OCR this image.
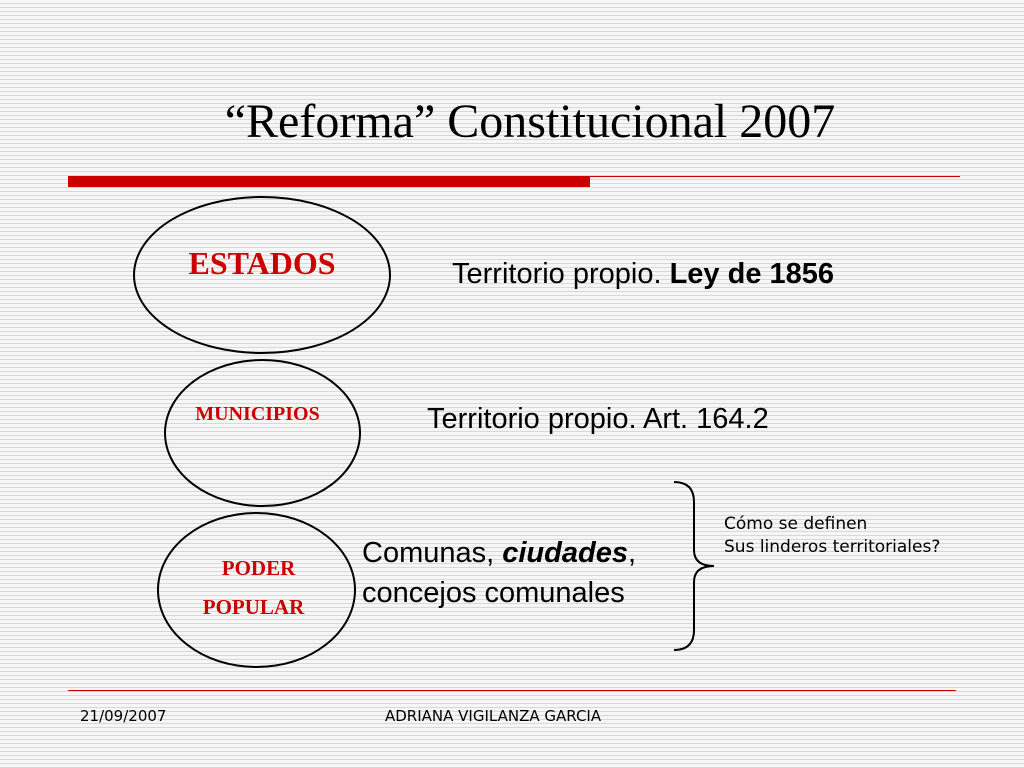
“Reforma” Constitucional 2007
ESTADOS
MUNICIPIOS
PODER
POPULAR
Territorio propio. Ley de 1856
Territorio propio. Art. 164.2
Comunas, ciudades,
concejos comunales
Cómo se definen
Sus linderos territoriales?
21/09/2007	ADRIANA VIGILANZA GARCIA
